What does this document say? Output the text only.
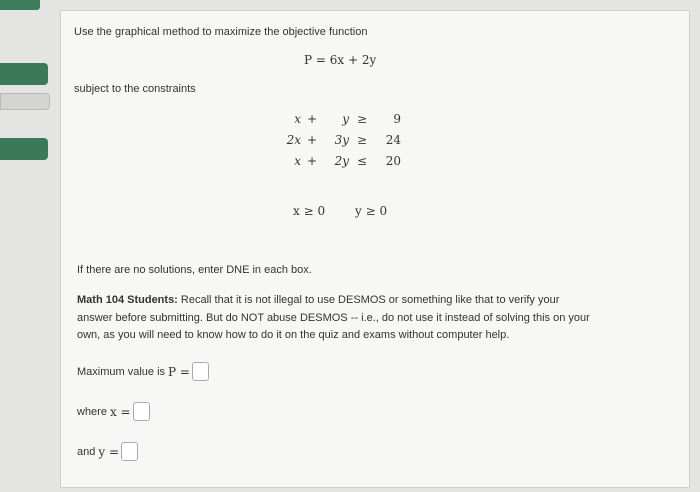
Use the graphical method to maximize the objective function
P = 6x + 2y
subject to the constraints
x +	y ≥	9
2x +	3y ≥	24
x +	2y ≤	20
x ≥ 0 y ≥ 0
If there are no solutions, enter DNE in each box.
Math 104 Students: Recall that it is not illegal to use DESMOS or something like that to verify your answer before submitting. But do NOT abuse DESMOS -- i.e., do not use it instead of solving this on your own, as you will need to know how to do it on the quiz and exams without computer help.
Maximum value is P =
where x =
and y =
